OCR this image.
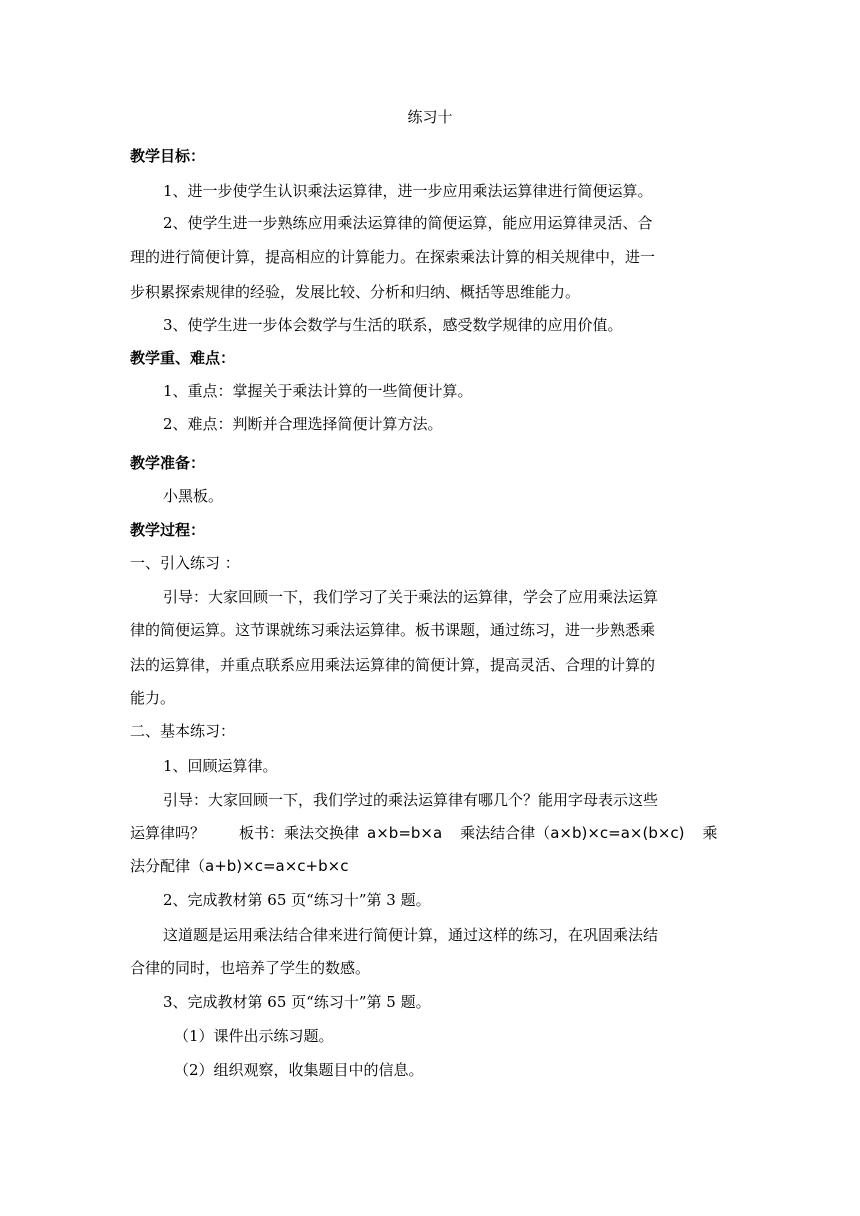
练习十
教学目标：
1、进一步使学生认识乘法运算律，进一步应用乘法运算律进行简便运算。
2、使学生进一步熟练应用乘法运算律的简便运算，能应用运算律灵活、合
理的进行简便计算，提高相应的计算能力。在探索乘法计算的相关规律中，进一
步积累探索规律的经验，发展比较、分析和归纳、概括等思维能力。
3、使学生进一步体会数学与生活的联系，感受数学规律的应用价值。
教学重、难点：
1、重点：掌握关于乘法计算的一些简便计算。
2、难点：判断并合理选择简便计算方法。
教学准备：
小黑板。
教学过程：
一、引入练习 ：
引导：大家回顾一下，我们学习了关于乘法的运算律，学会了应用乘法运算
律的简便运算。这节课就练习乘法运算律。板书课题，通过练习，进一步熟悉乘
法的运算律，并重点联系应用乘法运算律的简便计算，提高灵活、合理的计算的
能力。
二、基本练习：
1、回顾运算律。
引导：大家回顾一下，我们学过的乘法运算律有哪几个？能用字母表示这些
运算律吗？ 板书：乘法交换律 a×b=b×a 乘法结合律（a×b)×c=a×(b×c) 乘
法分配律（a+b)×c=a×c+b×c
2、完成教材第 65 页“练习十”第 3 题。
这道题是运用乘法结合律来进行简便计算，通过这样的练习，在巩固乘法结
合律的同时，也培养了学生的数感。
3、完成教材第 65 页“练习十”第 5 题。
（1）课件出示练习题。
（2）组织观察，收集题目中的信息。
